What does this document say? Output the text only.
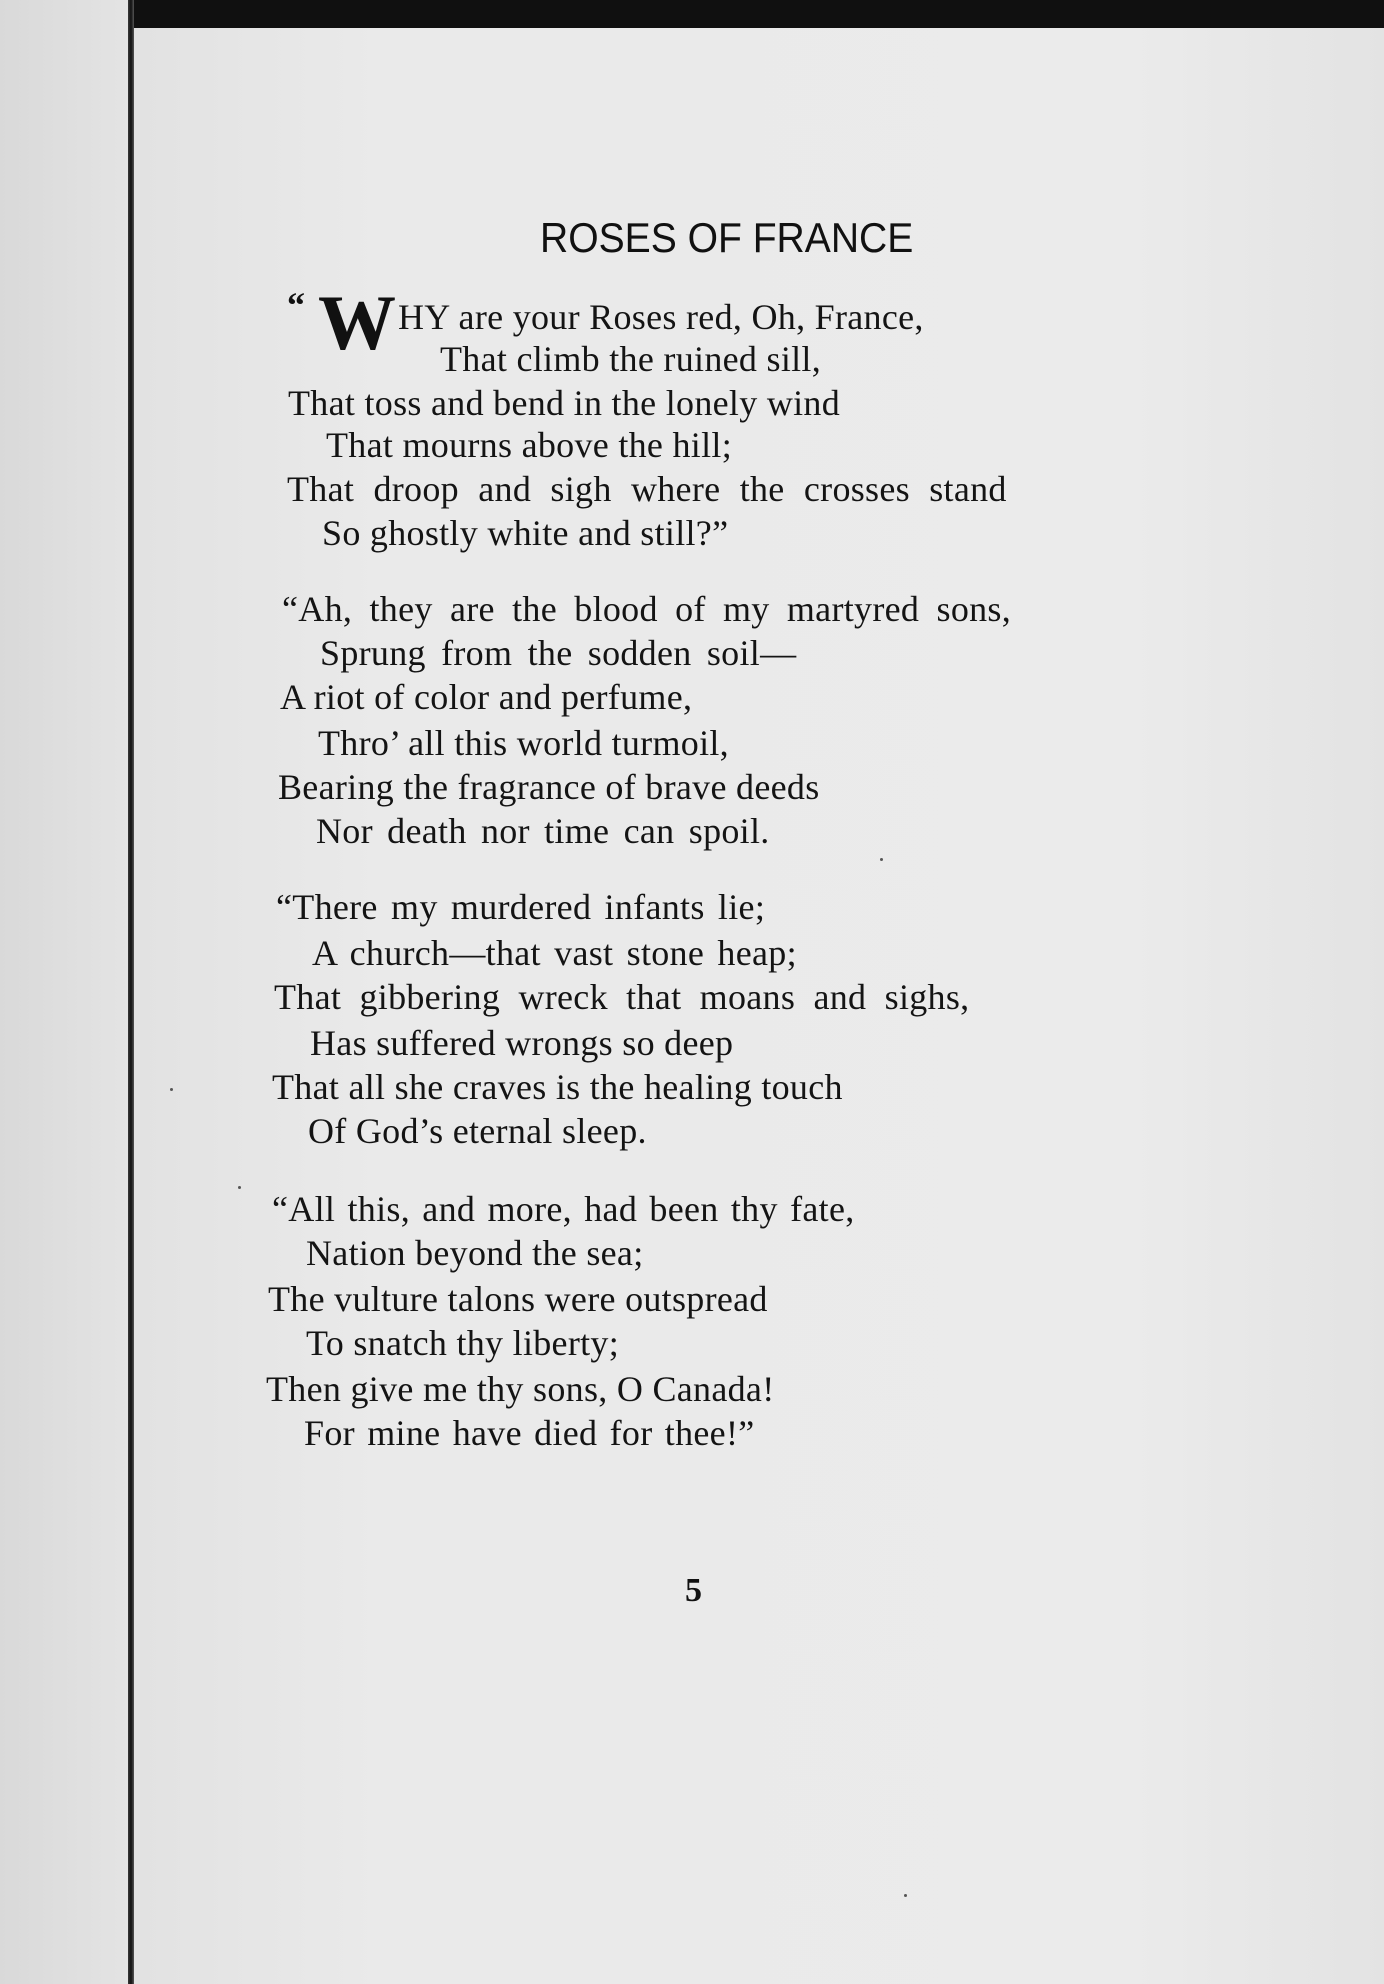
ROSES OF FRANCE
“ W HY are your Roses red, Oh, France,
That climb the ruined sill,
That toss and bend in the lonely wind
That mourns above the hill;
That droop and sigh where the crosses stand
So ghostly white and still?”
“Ah, they are the blood of my martyred sons,
Sprung from the sodden soil—
A riot of color and perfume,
Thro’ all this world turmoil,
Bearing the fragrance of brave deeds
Nor death nor time can spoil.
“There my murdered infants lie;
A church—that vast stone heap;
That gibbering wreck that moans and sighs,
Has suffered wrongs so deep
That all she craves is the healing touch
Of God’s eternal sleep.
“All this, and more, had been thy fate,
Nation beyond the sea;
The vulture talons were outspread
To snatch thy liberty;
Then give me thy sons, O Canada!
For mine have died for thee!”
5
